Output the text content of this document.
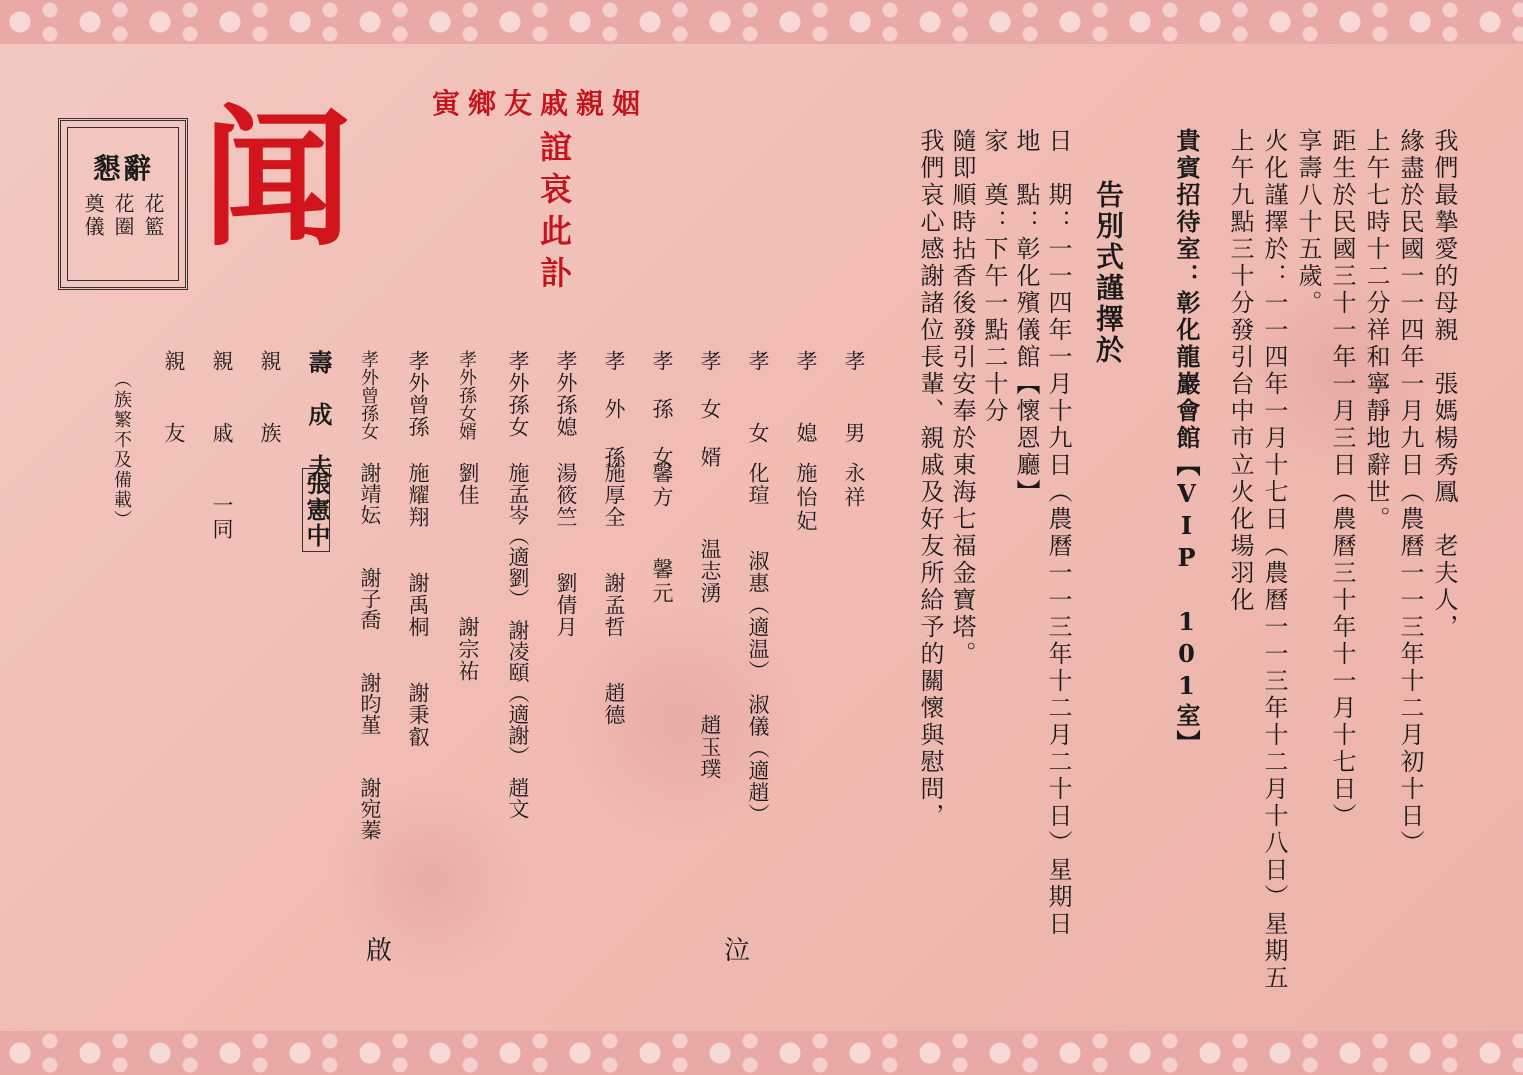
懇辭
花籃
花圈
奠儀 闻	寅鄉友戚親姻
誼哀此訃	我們最摯愛的母親　張媽楊秀鳳　老夫人，
緣盡於民國一一四年一月九日（農曆一一三年十二月初十日）
上午七時十二分祥和寧靜地辭世。
距生於民國三十一年一月三日（農曆三十年十一月十七日）
享壽八十五歲。
火化謹擇於：一一四年一月十七日（農曆一一三年十二月十八日）星期五
上午九點三十分發引台中市立火化場羽化
貴賓招待室：彰化龍巖會館【VIP 101室】
告別式謹擇於
日　期：一一四年一月十九日（農曆一一三年十二月二十日）星期日
地　點：彰化殯儀館【懷恩廳】
家　奠：下午一點二十分
隨即順時拈香後發引安奉於東海七福金寶塔。
我們哀心感謝諸位長輩、親戚及好友所給予的關懷與慰問，
孝　　男
永祥
孝　　媳
施怡妃
孝　　女
化瑄　　淑惠（適温）　淑儀（適趙）
孝　女　婿
温志湧　　　　　趙玉璞
孝　孫　女
馨方　　馨元
孝　外　孫
施厚全　　謝孟哲　　趙德
孝外孫媳
湯筱竺　　劉倩月
孝外孫女
施孟岑（適劉）　謝凌頤（適謝）　趙文
孝外孫女婿
劉佳　　　　　謝宗祐
孝外曾孫
施耀翔　　謝禹桐　　謝秉叡
孝外曾孫女
謝靖妘　　謝子喬　　謝昀堇　　謝宛蓁
壽　成　夫
張憲中
親　　族
親　　戚　　一同
親　　友
（族繁不及備載）
泣
啟
